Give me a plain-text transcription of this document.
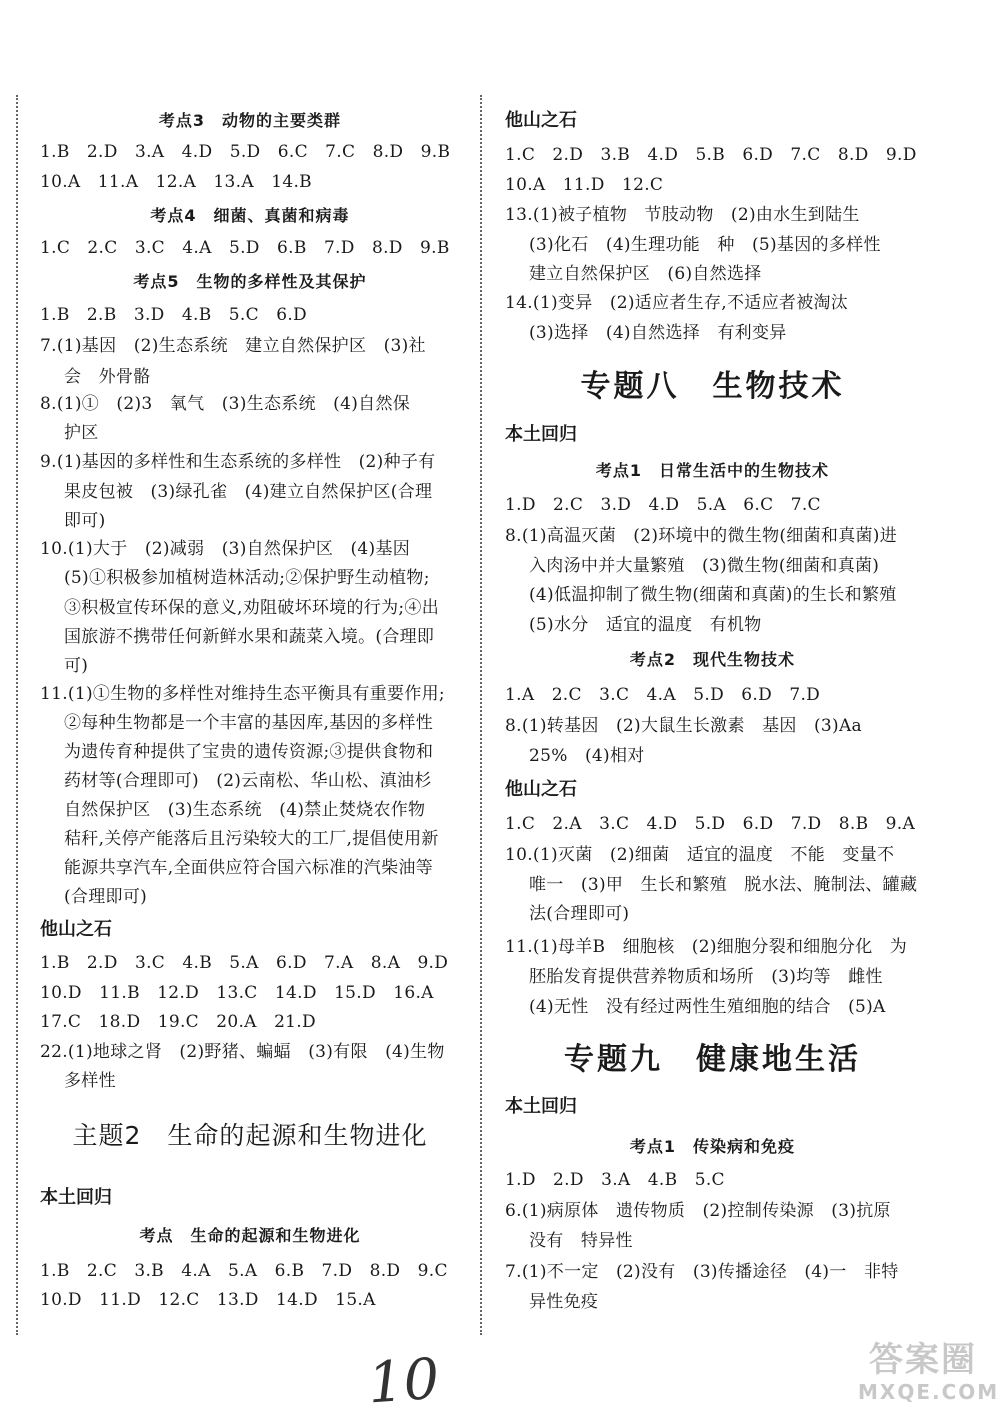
考点3　动物的主要类群
1.B　2.D　3.A　4.D　5.D　6.C　7.C　8.D　9.B
10.A　11.A　12.A　13.A　14.B
考点4　细菌、真菌和病毒
1.C　2.C　3.C　4.A　5.D　6.B　7.D　8.D　9.B
考点5　生物的多样性及其保护
1.B　2.B　3.D　4.B　5.C　6.D
7.(1)基因　(2)生态系统　建立自然保护区　(3)社
会　外骨骼
8.(1)①　(2)3　氧气　(3)生态系统　(4)自然保
护区
9.(1)基因的多样性和生态系统的多样性　(2)种子有
果皮包被　(3)绿孔雀　(4)建立自然保护区(合理
即可)
10.(1)大于　(2)减弱　(3)自然保护区　(4)基因
(5)①积极参加植树造林活动;②保护野生动植物;
③积极宣传环保的意义,劝阻破坏环境的行为;④出
国旅游不携带任何新鲜水果和蔬菜入境。(合理即
可)
11.(1)①生物的多样性对维持生态平衡具有重要作用;
②每种生物都是一个丰富的基因库,基因的多样性
为遗传育种提供了宝贵的遗传资源;③提供食物和
药材等(合理即可)　(2)云南松、华山松、滇油杉
自然保护区　(3)生态系统　(4)禁止焚烧农作物
秸秆,关停产能落后且污染较大的工厂,提倡使用新
能源共享汽车,全面供应符合国六标准的汽柴油等
(合理即可)
他山之石
1.B　2.D　3.C　4.B　5.A　6.D　7.A　8.A　9.D
10.D　11.B　12.D　13.C　14.D　15.D　16.A
17.C　18.D　19.C　20.A　21.D
22.(1)地球之肾　(2)野猪、蝙蝠　(3)有限　(4)生物
多样性
主题2　生命的起源和生物进化
本土回归
考点　生命的起源和生物进化
1.B　2.C　3.B　4.A　5.A　6.B　7.D　8.D　9.C
10.D　11.D　12.C　13.D　14.D　15.A
他山之石
1.C　2.D　3.B　4.D　5.B　6.D　7.C　8.D　9.D
10.A　11.D　12.C
13.(1)被子植物　节肢动物　(2)由水生到陆生
(3)化石　(4)生理功能　种　(5)基因的多样性
建立自然保护区　(6)自然选择
14.(1)变异　(2)适应者生存,不适应者被淘汰
(3)选择　(4)自然选择　有利变异
专题八　生物技术
本土回归
考点1　日常生活中的生物技术
1.D　2.C　3.D　4.D　5.A　6.C　7.C
8.(1)高温灭菌　(2)环境中的微生物(细菌和真菌)进
入肉汤中并大量繁殖　(3)微生物(细菌和真菌)
(4)低温抑制了微生物(细菌和真菌)的生长和繁殖
(5)水分　适宜的温度　有机物
考点2　现代生物技术
1.A　2.C　3.C　4.A　5.D　6.D　7.D
8.(1)转基因　(2)大鼠生长激素　基因　(3)Aa
25%　(4)相对
他山之石
1.C　2.A　3.C　4.D　5.D　6.D　7.D　8.B　9.A
10.(1)灭菌　(2)细菌　适宜的温度　不能　变量不
唯一　(3)甲　生长和繁殖　脱水法、腌制法、罐藏
法(合理即可)
11.(1)母羊B　细胞核　(2)细胞分裂和细胞分化　为
胚胎发育提供营养物质和场所　(3)均等　雌性
(4)无性　没有经过两性生殖细胞的结合　(5)A
专题九　健康地生活
本土回归
考点1　传染病和免疫
1.D　2.D　3.A　4.B　5.C
6.(1)病原体　遗传物质　(2)控制传染源　(3)抗原
没有　特异性
7.(1)不一定　(2)没有　(3)传播途径　(4)一　非特
异性免疫
10	答案圈
MXQE.COM
